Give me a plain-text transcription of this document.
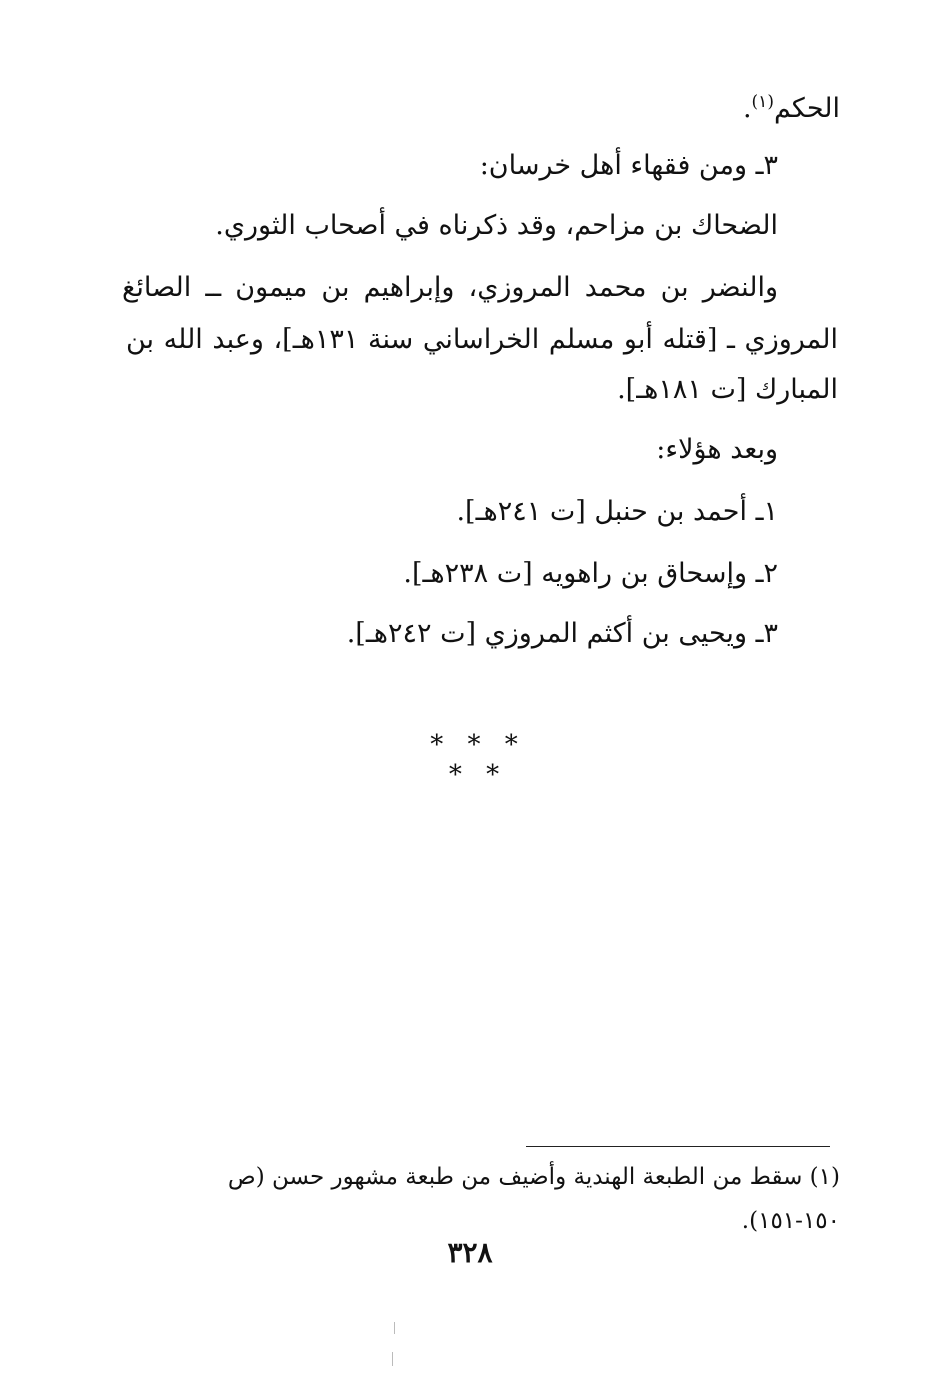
الحكم$^{(١)}$.
٣ـ ومن فقهاء أهل خرسان:
الضحاك بن مزاحم، وقد ذكرناه في أصحاب الثوري.
والنضر بن محمد المروزي، وإبراهيم بن ميمون ــ الصائغ
المروزي ـ [قتله أبو مسلم الخراساني سنة ١٣١هـ]، وعبد الله بن
المبارك [ت ١٨١هـ].
وبعد هؤلاء:
١ـ أحمد بن حنبل [ت ٢٤١هـ].
٢ـ وإسحاق بن راهويه [ت ٢٣٨هـ].
٣ـ ويحيى بن أكثم المروزي [ت ٢٤٢هـ].
* * * * *
(١) سقط من الطبعة الهندية وأضيف من طبعة مشهور حسن (ص
١٥٠-١٥١).
٣٢٨
